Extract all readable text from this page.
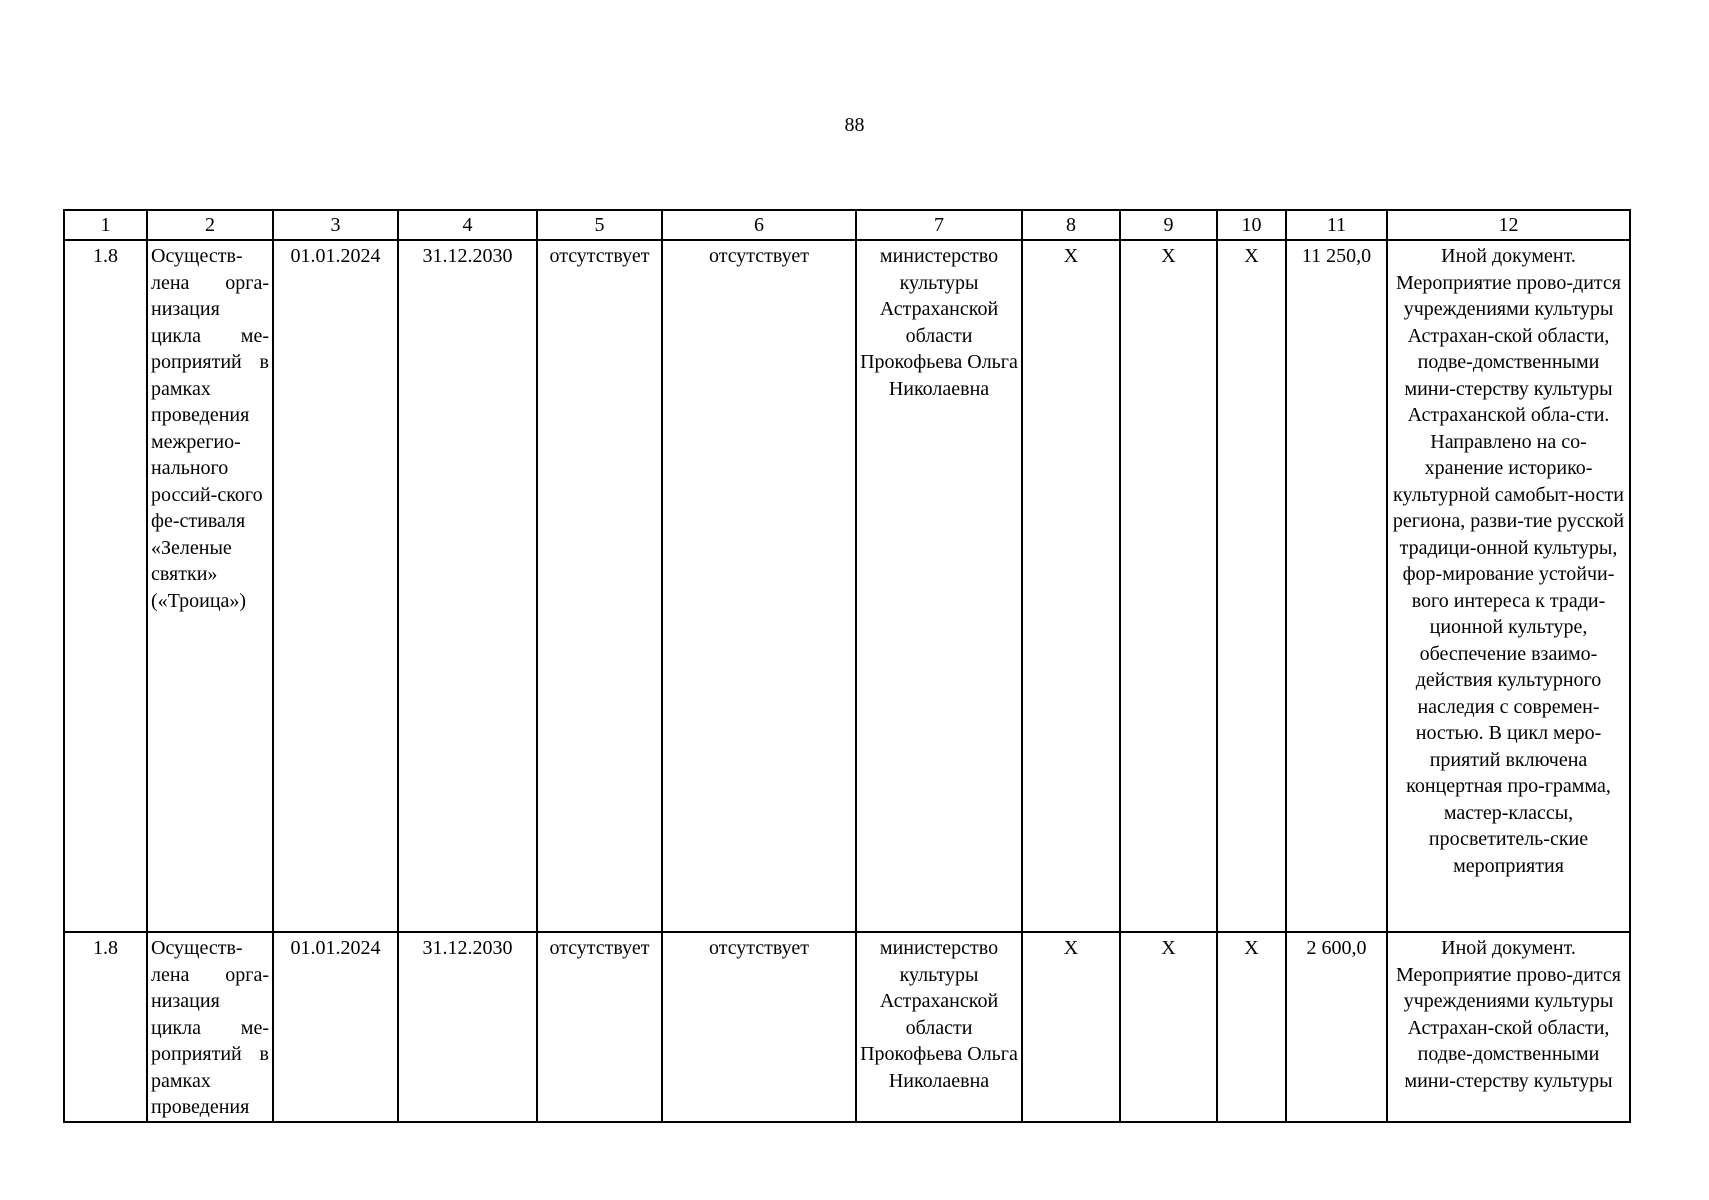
88
1	2	3	4	5	6	7	8	9	10	11	12
1.8	Осуществ-лена орга-низация цикла ме-роприятий в рамках проведения межрегио-нального россий-ского фе-стиваля «Зеленые святки» («Троица»)	01.01.2024	31.12.2030	отсутствует	отсутствует	министерство культуры Астраханской области Прокофьева Ольга Николаевна	X	X	X	11 250,0	Иной документ. Мероприятие прово-дится учреждениями культуры Астрахан-ской области, подве-домственными мини-стерству культуры Астраханской обла-сти. Направлено на со-хранение историко-культурной самобыт-ности региона, разви-тие русской традици-онной культуры, фор-мирование устойчи-вого интереса к тради-ционной культуре, обеспечение взаимо-действия культурного наследия с современ-ностью. В цикл меро-приятий включена концертная про-грамма, мастер-классы, просветитель-ские мероприятия
1.8	Осуществ-лена орга-низация цикла ме-роприятий в рамках проведения	01.01.2024	31.12.2030	отсутствует	отсутствует	министерство культуры Астраханской области Прокофьева Ольга Николаевна	X	X	X	2 600,0	Иной документ. Мероприятие прово-дится учреждениями культуры Астрахан-ской области, подве-домственными мини-стерству культуры
